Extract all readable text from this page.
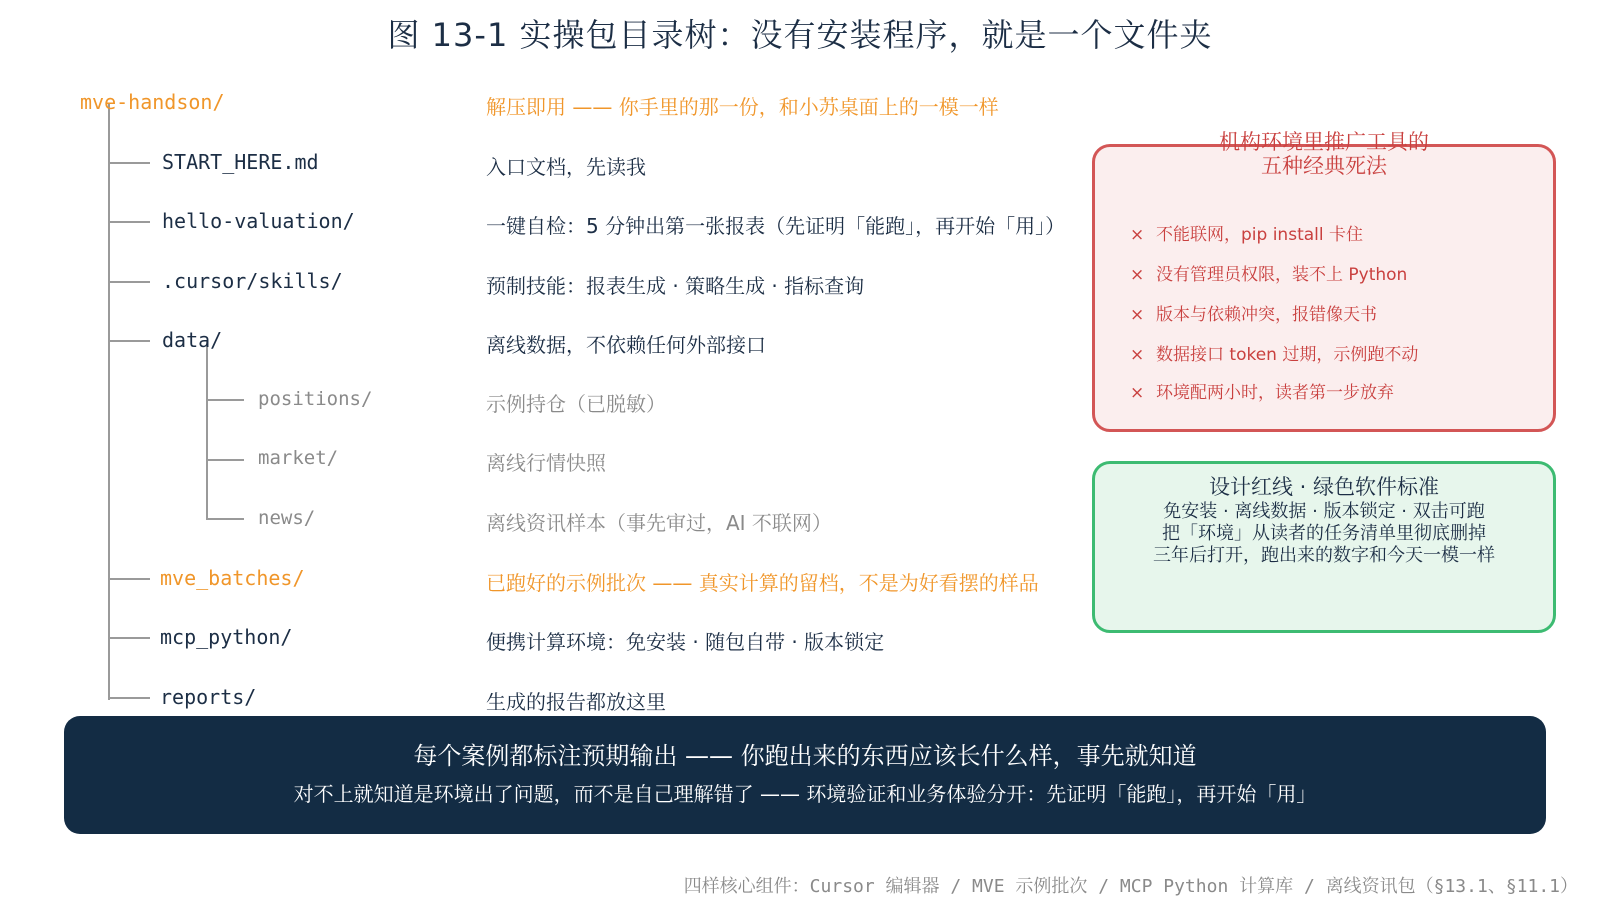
图 13-1 实操包目录树：没有安装程序，就是一个文件夹
mve-handson/	解压即用 —— 你手里的那一份，和小苏桌面上的一模一样
START_HERE.md	入口文档，先读我
hello-valuation/	一键自检：5 分钟出第一张报表（先证明「能跑」，再开始「用」）
.cursor/skills/	预制技能：报表生成 · 策略生成 · 指标查询
data/	离线数据，不依赖任何外部接口
positions/	示例持仓（已脱敏）
market/	离线行情快照
news/	离线资讯样本（事先审过，AI 不联网）
mve_batches/	已跑好的示例批次 —— 真实计算的留档，不是为好看摆的样品
mcp_python/	便携计算环境：免安装 · 随包自带 · 版本锁定
reports/	生成的报告都放这里
机构环境里推广工具的
五种经典死法
× 不能联网，pip install 卡住
× 没有管理员权限，装不上 Python
× 版本与依赖冲突，报错像天书
× 数据接口 token 过期，示例跑不动
× 环境配两小时，读者第一步放弃
设计红线 · 绿色软件标准
免安装 · 离线数据 · 版本锁定 · 双击可跑
把「环境」从读者的任务清单里彻底删掉
三年后打开，跑出来的数字和今天一模一样
每个案例都标注预期输出 —— 你跑出来的东西应该长什么样，事先就知道
对不上就知道是环境出了问题，而不是自己理解错了 —— 环境验证和业务体验分开：先证明「能跑」，再开始「用」
四样核心组件：Cursor 编辑器 / MVE 示例批次 / MCP Python 计算库 / 离线资讯包（§13.1、§11.1）
